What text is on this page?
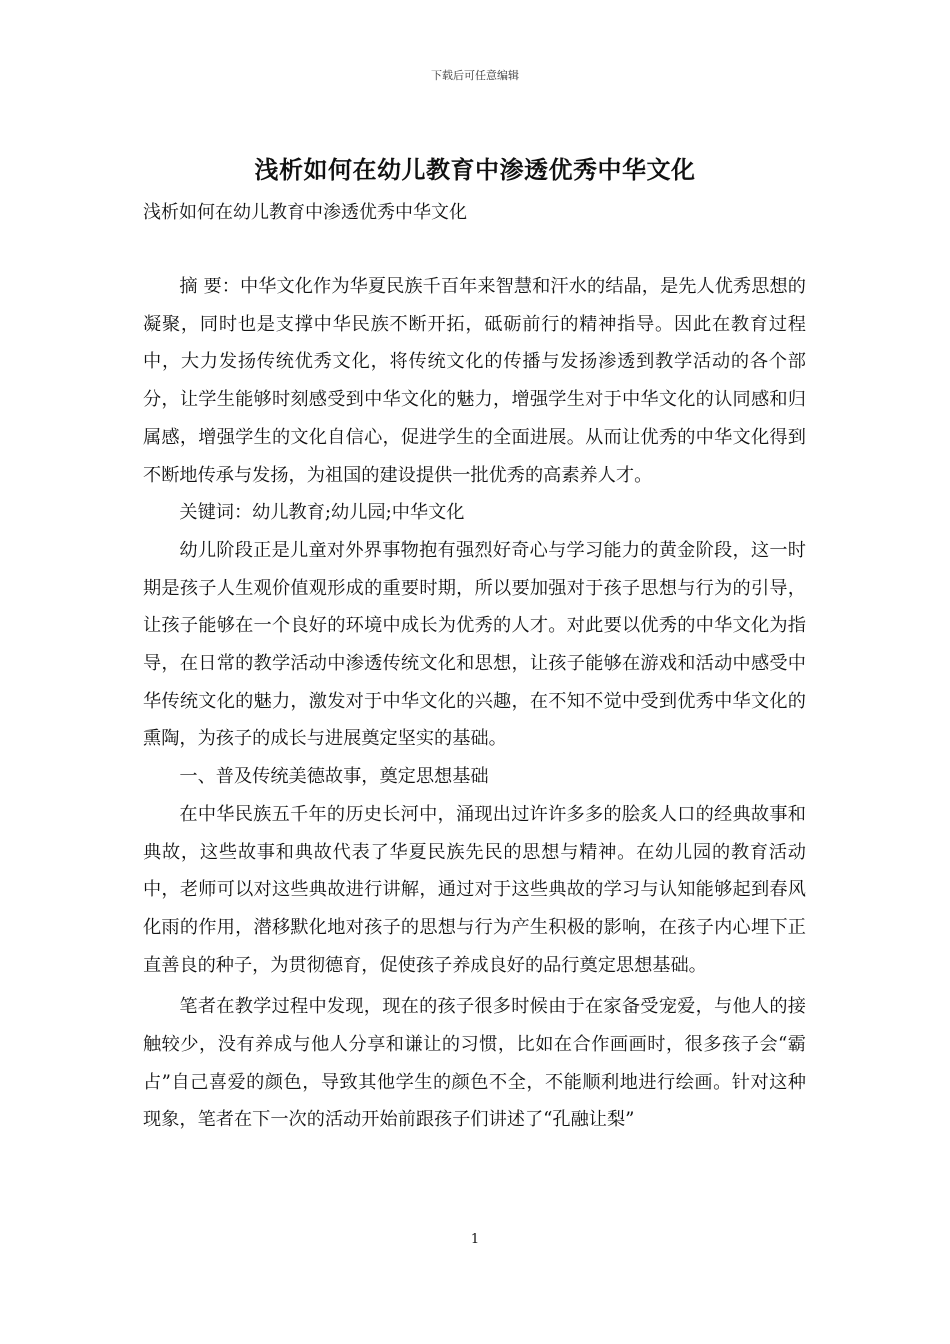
下载后可任意编辑
浅析如何在幼儿教育中渗透优秀中华文化
浅析如何在幼儿教育中渗透优秀中华文化

摘 要：中华文化作为华夏民族千百年来智慧和汗水的结晶，是先人优秀思想的凝聚，同时也是支撑中华民族不断开拓，砥砺前行的精神指导。因此在教育过程中，大力发扬传统优秀文化，将传统文化的传播与发扬渗透到教学活动的各个部分，让学生能够时刻感受到中华文化的魅力，增强学生对于中华文化的认同感和归属感，增强学生的文化自信心，促进学生的全面进展。从而让优秀的中华文化得到不断地传承与发扬，为祖国的建设提供一批优秀的高素养人才。

关键词：幼儿教育;幼儿园;中华文化

幼儿阶段正是儿童对外界事物抱有强烈好奇心与学习能力的黄金阶段，这一时期是孩子人生观价值观形成的重要时期，所以要加强对于孩子思想与行为的引导，让孩子能够在一个良好的环境中成长为优秀的人才。对此要以优秀的中华文化为指导，在日常的教学活动中渗透传统文化和思想，让孩子能够在游戏和活动中感受中华传统文化的魅力，激发对于中华文化的兴趣，在不知不觉中受到优秀中华文化的熏陶，为孩子的成长与进展奠定坚实的基础。

一、普及传统美德故事，奠定思想基础

在中华民族五千年的历史长河中，涌现出过许许多多的脍炙人口的经典故事和典故，这些故事和典故代表了华夏民族先民的思想与精神。在幼儿园的教育活动中，老师可以对这些典故进行讲解，通过对于这些典故的学习与认知能够起到春风化雨的作用，潜移默化地对孩子的思想与行为产生积极的影响，在孩子内心埋下正直善良的种子，为贯彻德育，促使孩子养成良好的品行奠定思想基础。

笔者在教学过程中发现，现在的孩子很多时候由于在家备受宠爱，与他人的接触较少，没有养成与他人分享和谦让的习惯，比如在合作画画时，很多孩子会“霸占”自己喜爱的颜色，导致其他学生的颜色不全，不能顺利地进行绘画。针对这种现象，笔者在下一次的活动开始前跟孩子们讲述了“孔融让梨”

1
